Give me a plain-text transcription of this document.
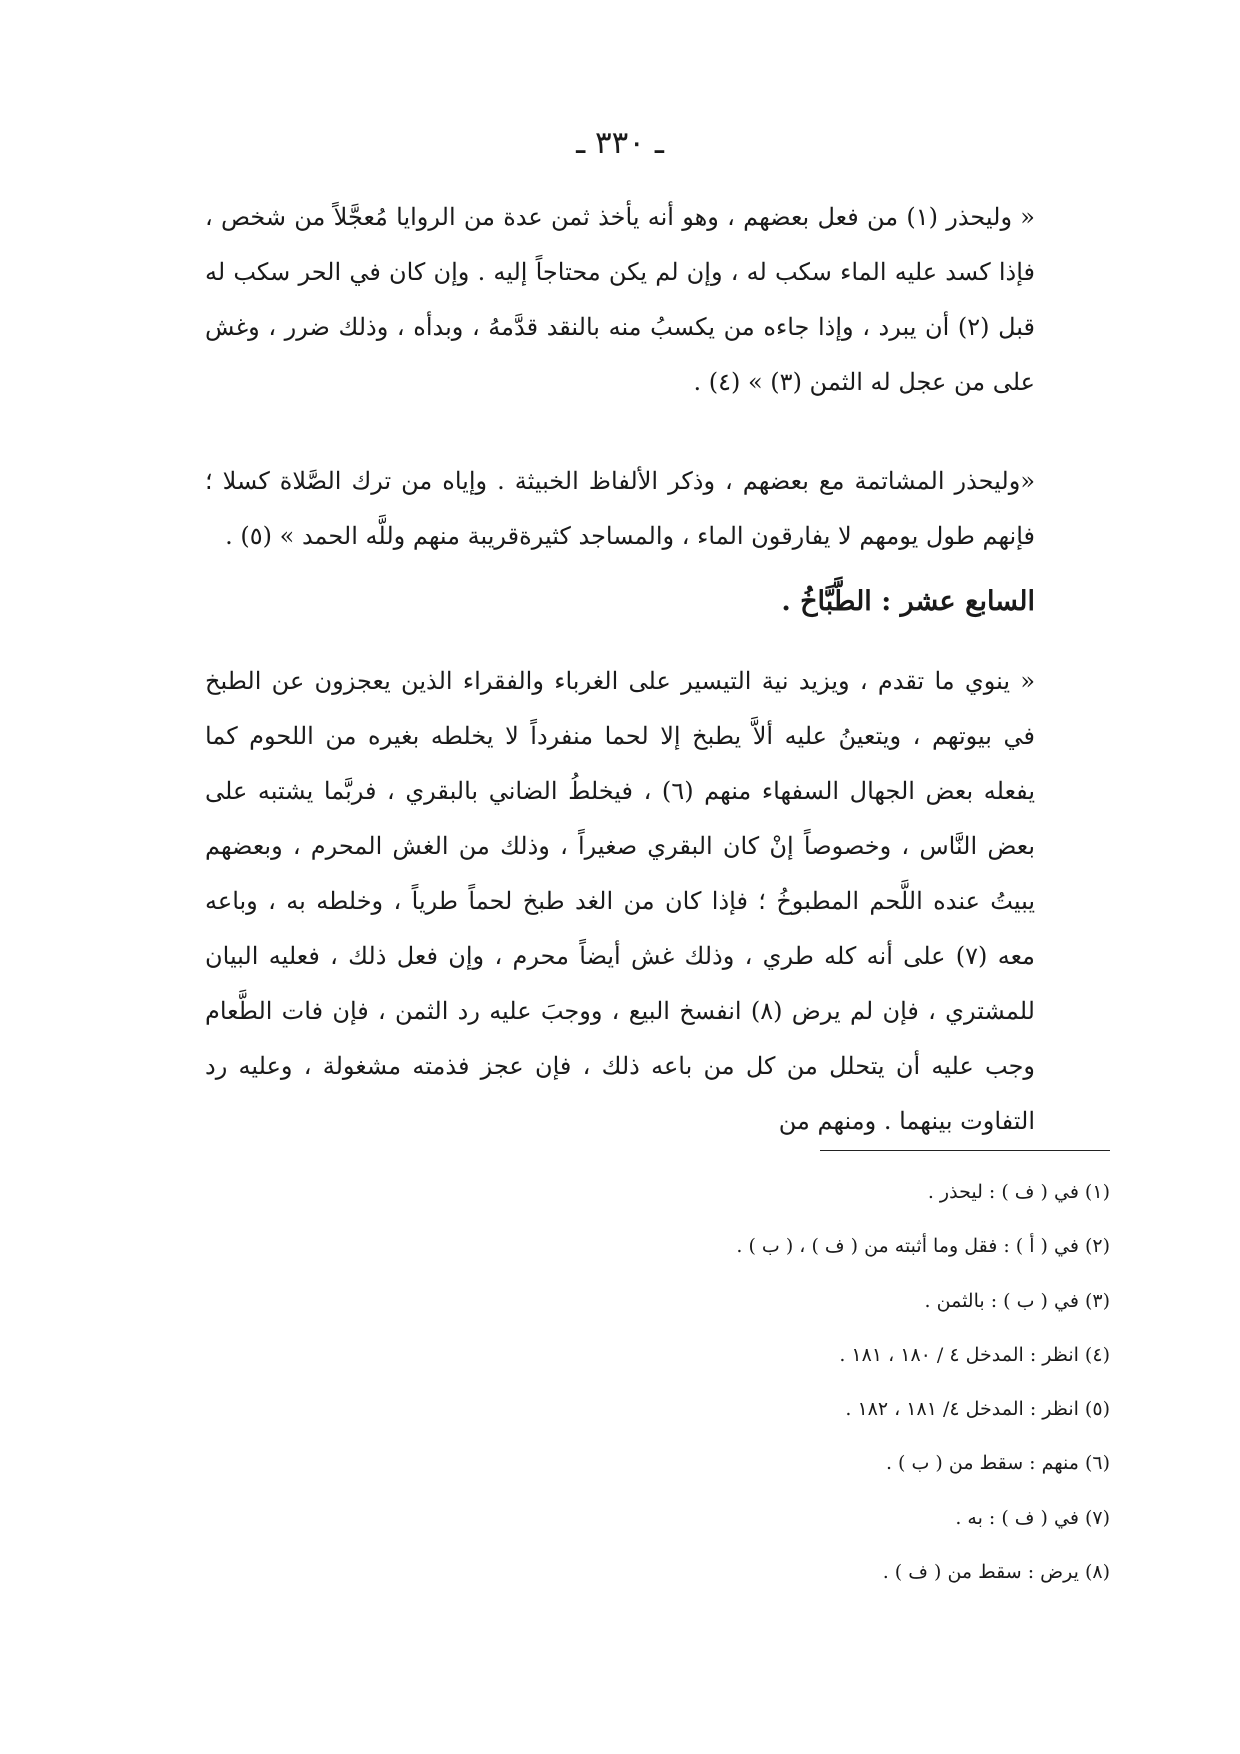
ـ ٣٣٠ ـ

« وليحذر (١) من فعل بعضهم ، وهو أنه يأخذ ثمن عدة من الروايا مُعجَّلاً من شخص ، فإذا كسد عليه الماء سكب له ، وإن لم يكن محتاجاً إليه . وإن كان في الحر سكب له قبل (٢) أن يبرد ، وإذا جاءه من يكسبُ منه بالنقد قدَّمهُ ، وبدأه ، وذلك ضرر ، وغش على من عجل له الثمن (٣) » (٤) .

«وليحذر المشاتمة مع بعضهم ، وذكر الألفاظ الخبيثة . وإياه من ترك الصَّلاة كسلا ؛ فإنهم طول يومهم لا يفارقون الماء ، والمساجد كثيرةقريبة منهم وللَّه الحمد » (٥) .

السابع عشر : الطَّبَّاخُ .

« ينوي ما تقدم ، ويزيد نية التيسير على الغرباء والفقراء الذين يعجزون عن الطبخ في بيوتهم ، ويتعينُ عليه ألاَّ يطبخ إلا لحما منفرداً لا يخلطه بغيره من اللحوم كما يفعله بعض الجهال السفهاء منهم (٦) ، فيخلطُ الضاني بالبقري ، فربَّما يشتبه على بعض النَّاس ، وخصوصاً إنْ كان البقري صغيراً ، وذلك من الغش المحرم ، وبعضهم يبيتُ عنده اللَّحم المطبوخُ ؛ فإذا كان من الغد طبخ لحماً طرياً ، وخلطه به ، وباعه معه (٧) على أنه كله طري ، وذلك غش أيضاً محرم ، وإن فعل ذلك ، فعليه البيان للمشتري ، فإن لم يرض (٨) انفسخ البيع ، ووجبَ عليه رد الثمن ، فإن فات الطَّعام وجب عليه أن يتحلل من كل من باعه ذلك ، فإن عجز فذمته مشغولة ، وعليه رد التفاوت بينهما . ومنهم من

(١) في ( ف ) : ليحذر .
(٢) في ( أ ) : فقل وما أثبته من ( ف ) ، ( ب ) .
(٣) في ( ب ) : بالثمن .
(٤) انظر : المدخل ٤ / ١٨٠ ، ١٨١ .
(٥) انظر : المدخل ٤/ ١٨١ ، ١٨٢ .
(٦) منهم : سقط من ( ب ) .
(٧) في ( ف ) : به .
(٨) يرض : سقط من ( ف ) .
